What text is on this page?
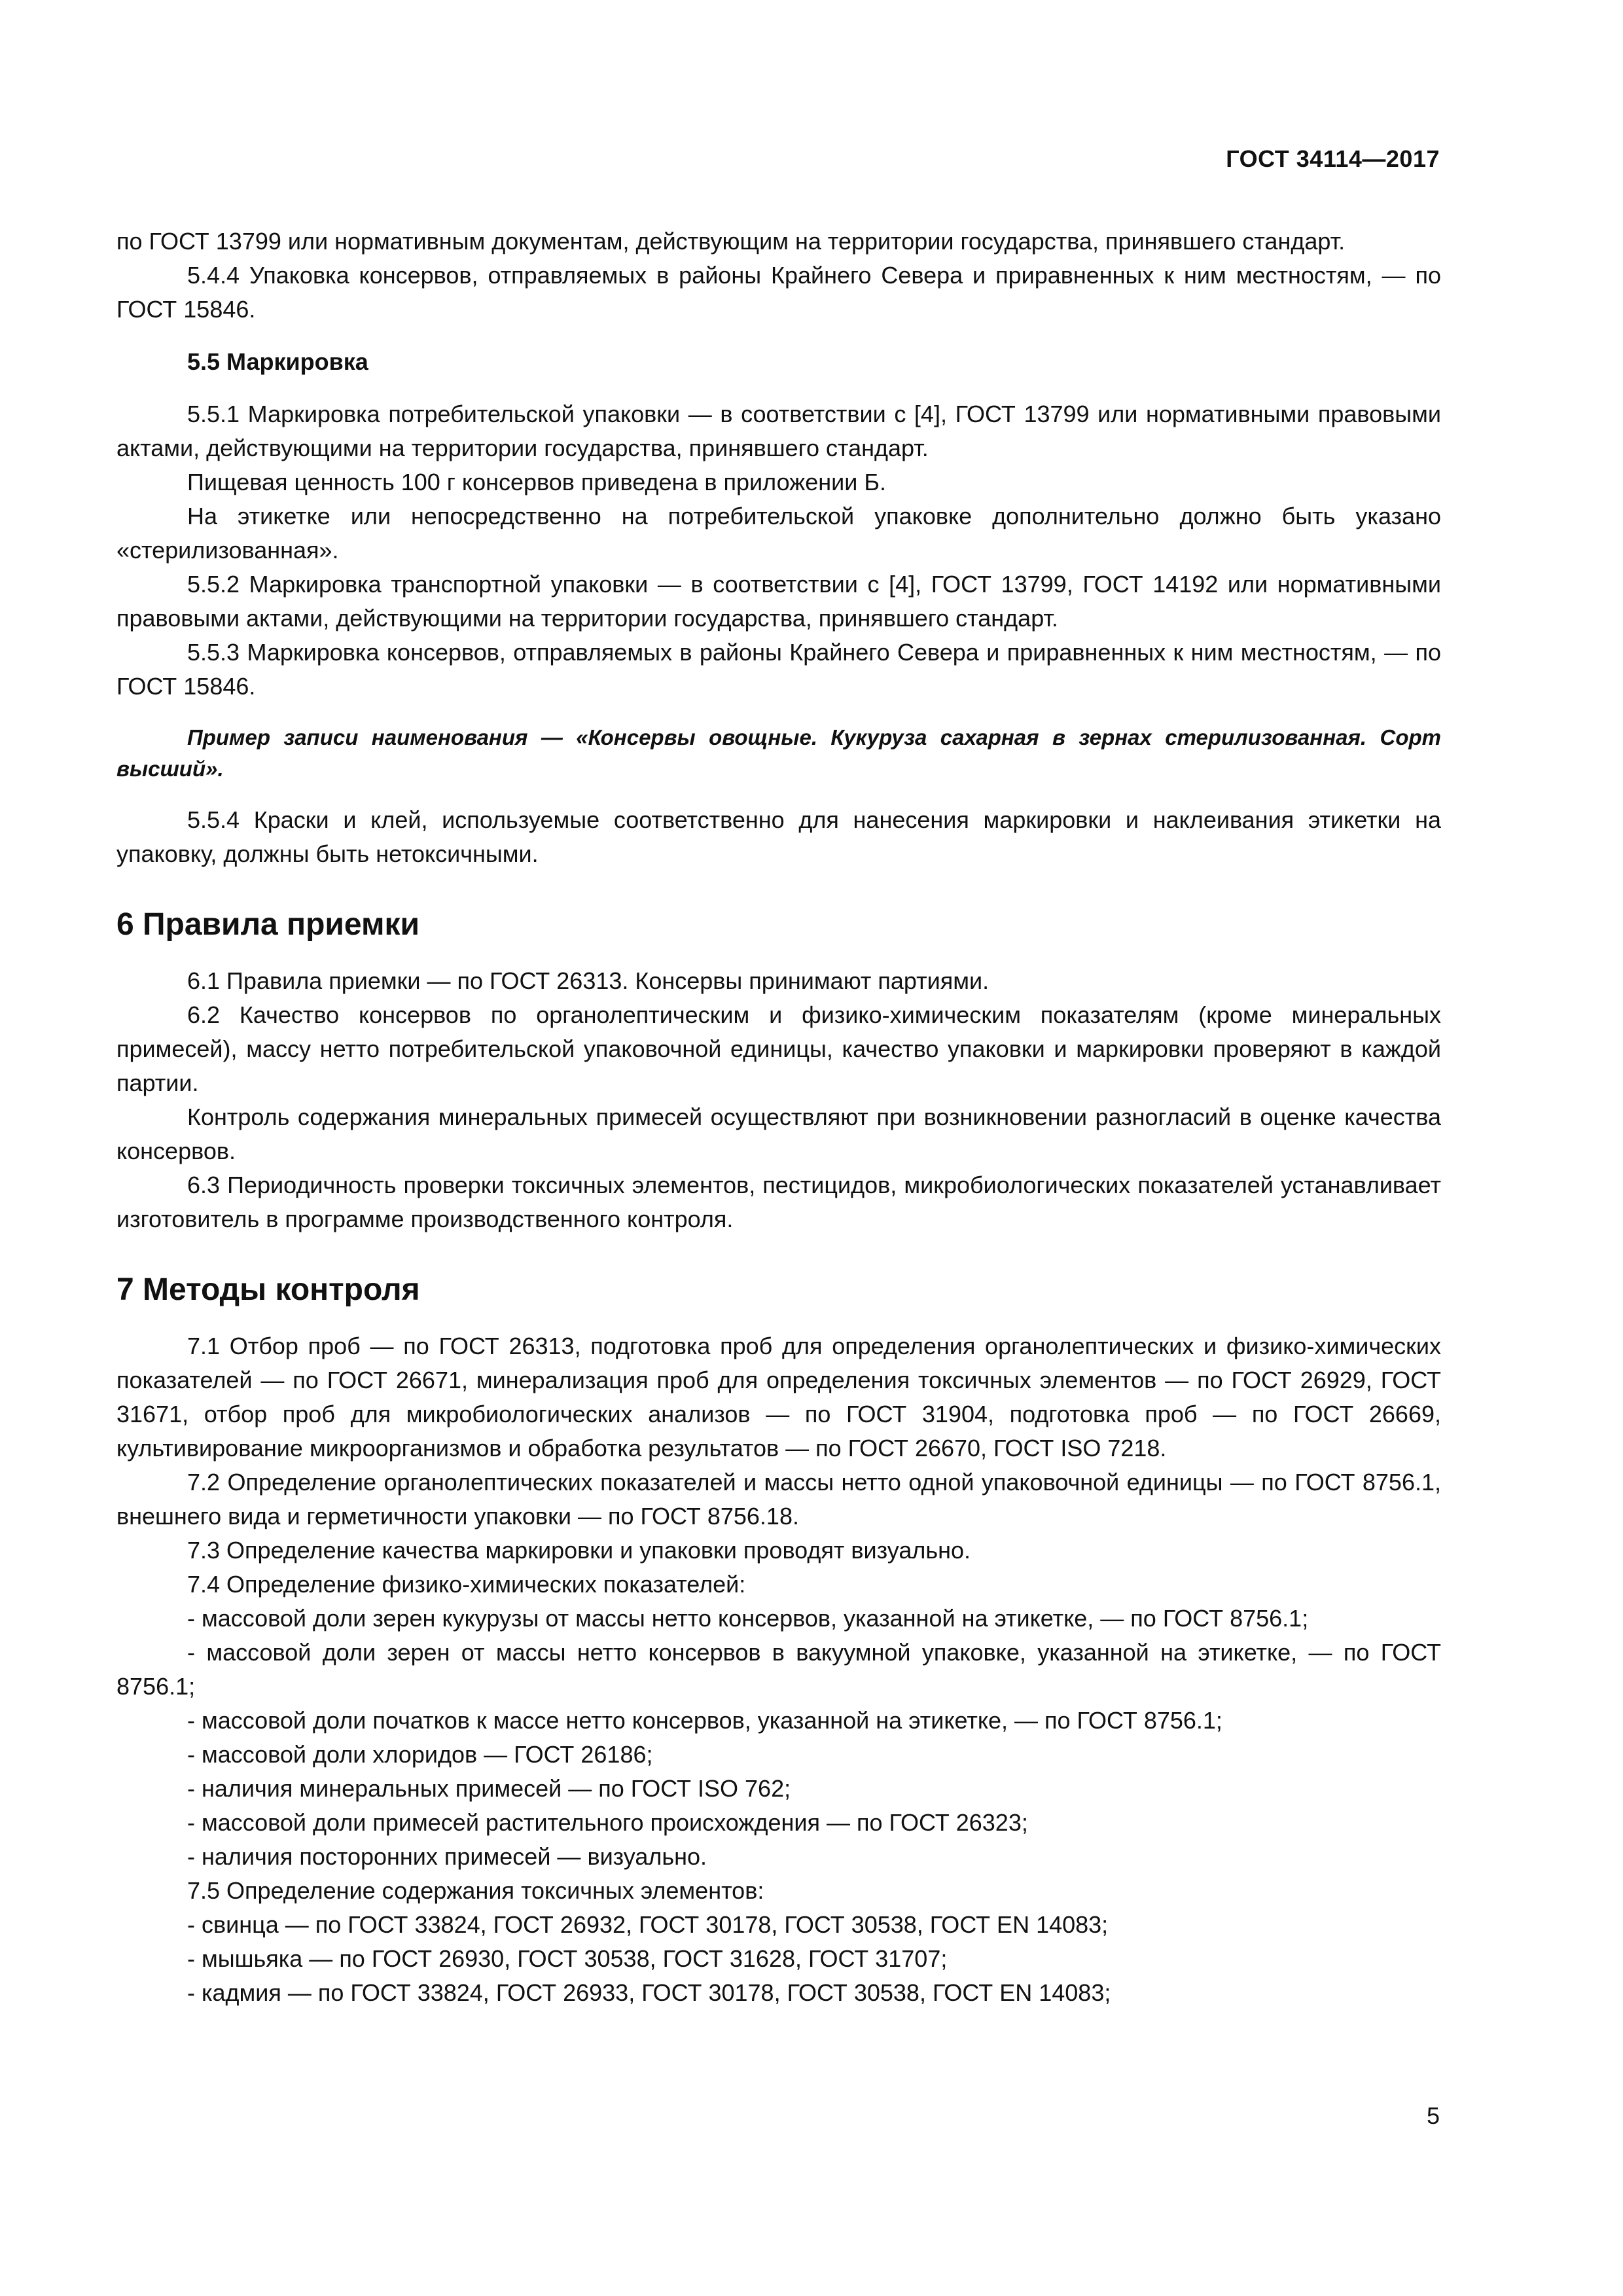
ГОСТ 34114—2017

по ГОСТ 13799 или нормативным документам, действующим на территории государства, принявшего стандарт.

5.4.4 Упаковка консервов, отправляемых в районы Крайнего Севера и приравненных к ним местностям, — по ГОСТ 15846.

5.5 Маркировка

5.5.1 Маркировка потребительской упаковки — в соответствии с [4], ГОСТ 13799 или нормативными правовыми актами, действующими на территории государства, принявшего стандарт.

Пищевая ценность 100 г консервов приведена в приложении Б.

На этикетке или непосредственно на потребительской упаковке дополнительно должно быть указано «стерилизованная».

5.5.2 Маркировка транспортной упаковки — в соответствии с [4], ГОСТ 13799, ГОСТ 14192 или нормативными правовыми актами, действующими на территории государства, принявшего стандарт.

5.5.3 Маркировка консервов, отправляемых в районы Крайнего Севера и приравненных к ним местностям, — по ГОСТ 15846.

Пример записи наименования — «Консервы овощные. Кукуруза сахарная в зернах стерилизованная. Сорт высший».

5.5.4 Краски и клей, используемые соответственно для нанесения маркировки и наклеивания этикетки на упаковку, должны быть нетоксичными.

6 Правила приемки

6.1 Правила приемки — по ГОСТ 26313. Консервы принимают партиями.

6.2 Качество консервов по органолептическим и физико-химическим показателям (кроме минеральных примесей), массу нетто потребительской упаковочной единицы, качество упаковки и маркировки проверяют в каждой партии.

Контроль содержания минеральных примесей осуществляют при возникновении разногласий в оценке качества консервов.

6.3 Периодичность проверки токсичных элементов, пестицидов, микробиологических показателей устанавливает изготовитель в программе производственного контроля.

7 Методы контроля

7.1 Отбор проб — по ГОСТ 26313, подготовка проб для определения органолептических и физико-химических показателей — по ГОСТ 26671, минерализация проб для определения токсичных элементов — по ГОСТ 26929, ГОСТ 31671, отбор проб для микробиологических анализов — по ГОСТ 31904, подготовка проб — по ГОСТ 26669, культивирование микроорганизмов и обработка результатов — по ГОСТ 26670, ГОСТ ISO 7218.

7.2 Определение органолептических показателей и массы нетто одной упаковочной единицы — по ГОСТ 8756.1, внешнего вида и герметичности упаковки — по ГОСТ 8756.18.

7.3 Определение качества маркировки и упаковки проводят визуально.

7.4 Определение физико-химических показателей:

- массовой доли зерен кукурузы от массы нетто консервов, указанной на этикетке, — по ГОСТ 8756.1;

- массовой доли зерен от массы нетто консервов в вакуумной упаковке, указанной на этикетке, — по ГОСТ 8756.1;

- массовой доли початков к массе нетто консервов, указанной на этикетке, — по ГОСТ 8756.1;

- массовой доли хлоридов — ГОСТ 26186;

- наличия минеральных примесей — по ГОСТ ISO 762;

- массовой доли примесей растительного происхождения — по ГОСТ 26323;

- наличия посторонних примесей — визуально.

7.5 Определение содержания токсичных элементов:

- свинца — по ГОСТ 33824, ГОСТ 26932, ГОСТ 30178, ГОСТ 30538, ГОСТ EN 14083;

- мышьяка — по ГОСТ 26930, ГОСТ 30538, ГОСТ 31628, ГОСТ 31707;

- кадмия — по ГОСТ 33824, ГОСТ 26933, ГОСТ 30178, ГОСТ 30538, ГОСТ EN 14083;

5
